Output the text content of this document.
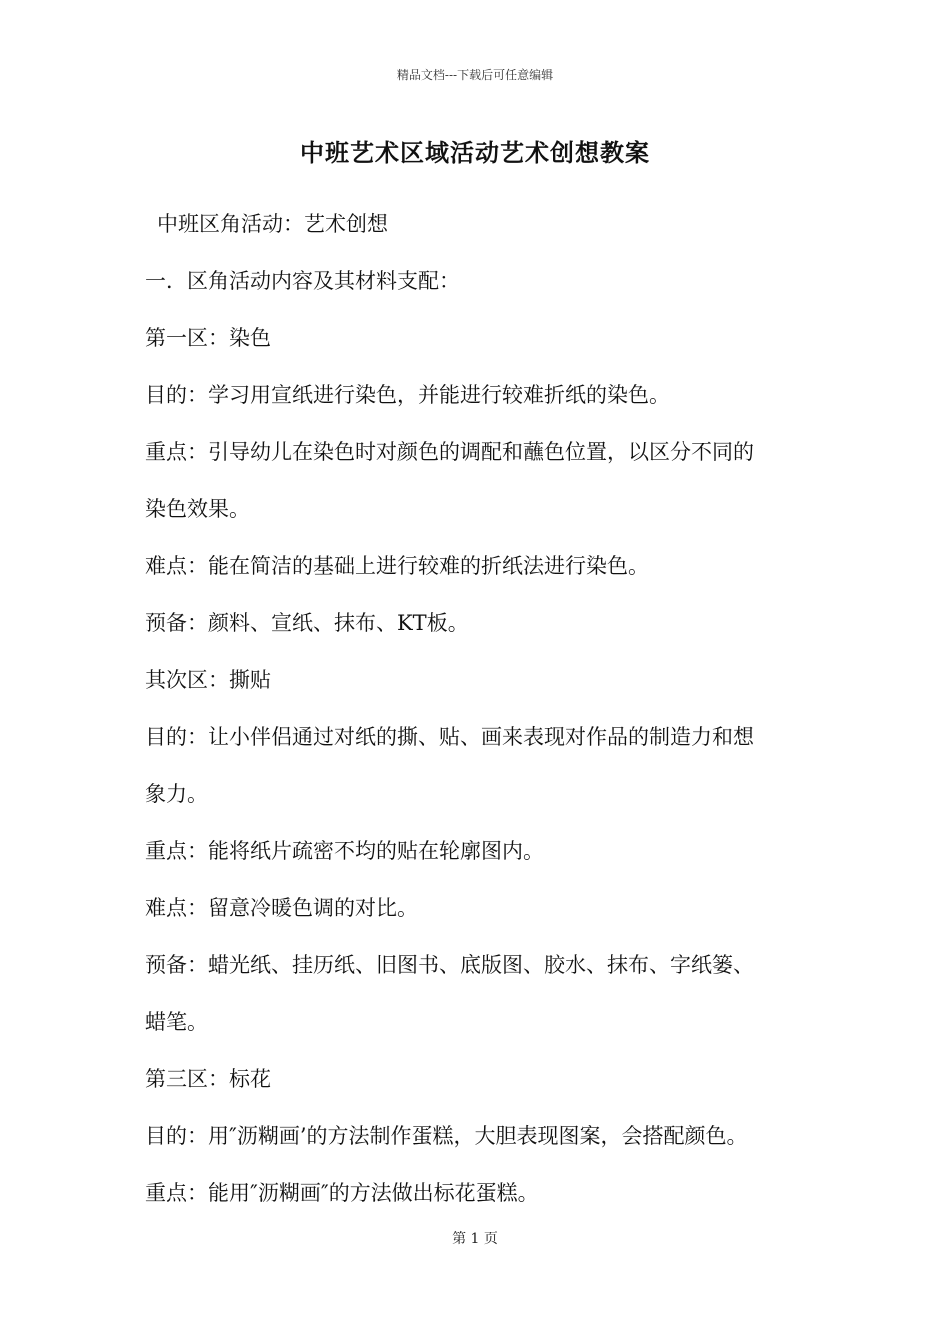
精品文档---下载后可任意编辑
中班艺术区域活动艺术创想教案
中班区角活动：艺术创想
一．区角活动内容及其材料支配：
第一区：染色
目的：学习用宣纸进行染色，并能进行较难折纸的染色。
重点：引导幼儿在染色时对颜色的调配和蘸色位置，以区分不同的
染色效果。
难点：能在简洁的基础上进行较难的折纸法进行染色。
预备：颜料、宣纸、抹布、KT板。
其次区：撕贴
目的：让小伴侣通过对纸的撕、贴、画来表现对作品的制造力和想
象力。
重点：能将纸片疏密不均的贴在轮廓图内。
难点：留意冷暖色调的对比。
预备：蜡光纸、挂历纸、旧图书、底版图、胶水、抹布、字纸篓、
蜡笔。
第三区：标花
目的：用″沥糊画’的方法制作蛋糕，大胆表现图案，会搭配颜色。
重点：能用″沥糊画″的方法做出标花蛋糕。
第 1 页
